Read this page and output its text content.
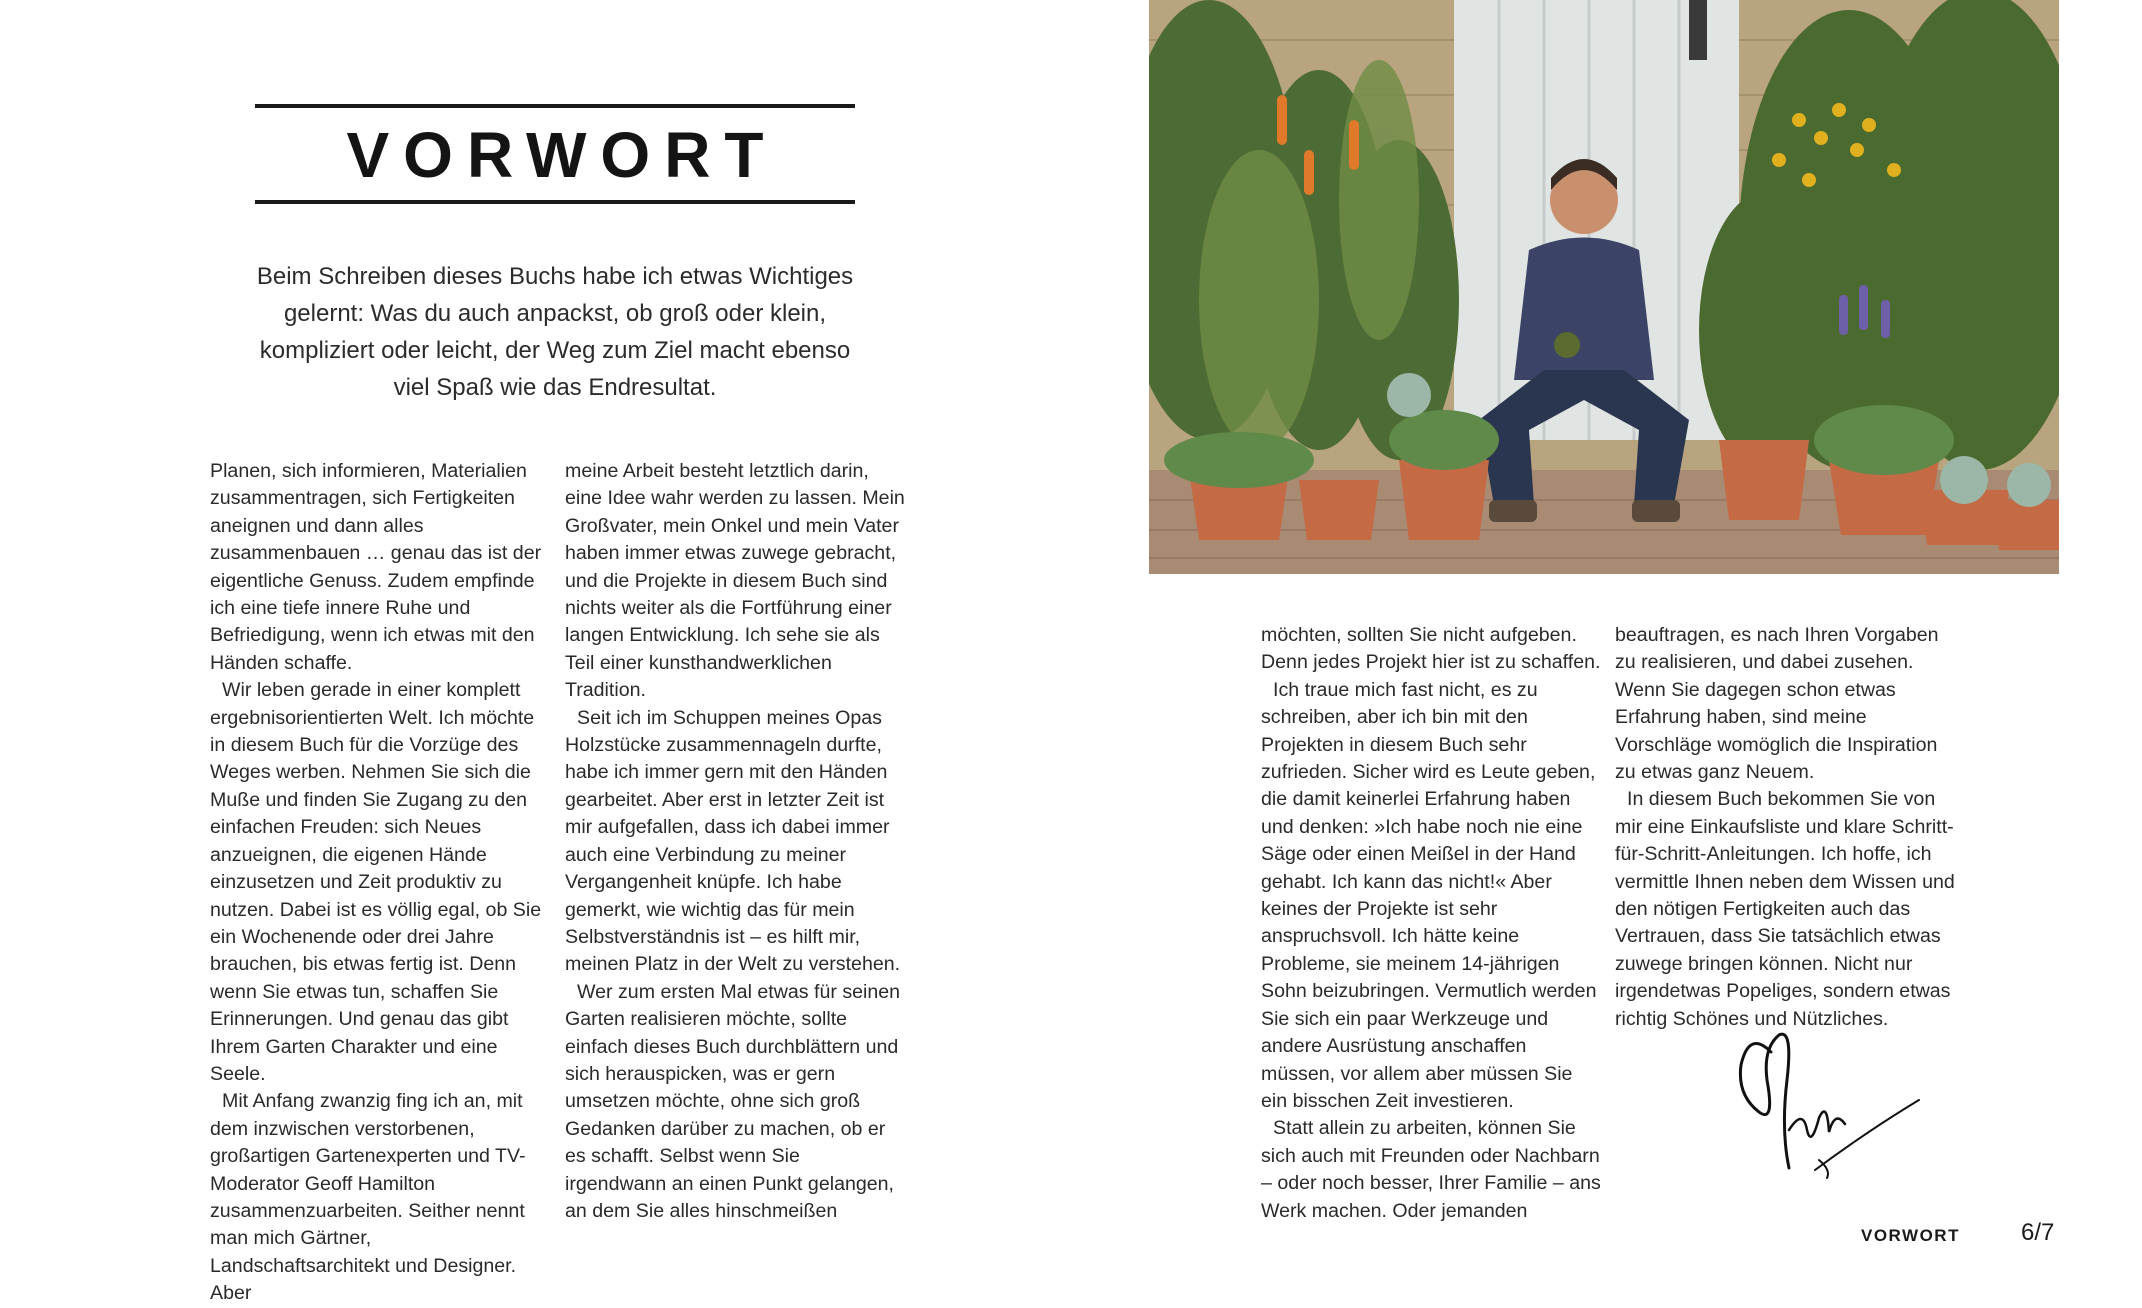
VORWORT

Beim Schreiben dieses Buchs habe ich etwas Wichtiges gelernt: Was du auch anpackst, ob groß oder klein, kompliziert oder leicht, der Weg zum Ziel macht ebenso viel Spaß wie das Endresultat.

Planen, sich informieren, Materialien zusammentragen, sich Fertigkeiten aneignen und dann alles zusammenbauen … genau das ist der eigentliche Genuss. Zudem empfinde ich eine tiefe innere Ruhe und Befriedigung, wenn ich etwas mit den Händen schaffe.

Wir leben gerade in einer komplett ergebnisorientierten Welt. Ich möchte in diesem Buch für die Vorzüge des Weges werben. Nehmen Sie sich die Muße und finden Sie Zugang zu den einfachen Freuden: sich Neues anzueignen, die eigenen Hände einzusetzen und Zeit produktiv zu nutzen. Dabei ist es völlig egal, ob Sie ein Wochenende oder drei Jahre brauchen, bis etwas fertig ist. Denn wenn Sie etwas tun, schaffen Sie Erinnerungen. Und genau das gibt Ihrem Garten Charakter und eine Seele.

Mit Anfang zwanzig fing ich an, mit dem inzwischen verstorbenen, großartigen Gartenexperten und TV-Moderator Geoff Hamilton zusammenzuarbeiten. Seither nennt man mich Gärtner, Landschaftsarchitekt und Designer. Aber

meine Arbeit besteht letztlich darin, eine Idee wahr werden zu lassen. Mein Großvater, mein Onkel und mein Vater haben immer etwas zuwege gebracht, und die Projekte in diesem Buch sind nichts weiter als die Fortführung einer langen Entwicklung. Ich sehe sie als Teil einer kunsthandwerklichen Tradition.

Seit ich im Schuppen meines Opas Holzstücke zusammennageln durfte, habe ich immer gern mit den Händen gearbeitet. Aber erst in letzter Zeit ist mir aufgefallen, dass ich dabei immer auch eine Verbindung zu meiner Vergangenheit knüpfe. Ich habe gemerkt, wie wichtig das für mein Selbstverständnis ist – es hilft mir, meinen Platz in der Welt zu verstehen.

Wer zum ersten Mal etwas für seinen Garten realisieren möchte, sollte einfach dieses Buch durchblättern und sich herauspicken, was er gern umsetzen möchte, ohne sich groß Gedanken darüber zu machen, ob er es schafft. Selbst wenn Sie irgendwann an einen Punkt gelangen, an dem Sie alles hinschmeißen

möchten, sollten Sie nicht aufgeben. Denn jedes Projekt hier ist zu schaffen.

Ich traue mich fast nicht, es zu schreiben, aber ich bin mit den Projekten in diesem Buch sehr zufrieden. Sicher wird es Leute geben, die damit keinerlei Erfahrung haben und denken: »Ich habe noch nie eine Säge oder einen Meißel in der Hand gehabt. Ich kann das nicht!« Aber keines der Projekte ist sehr anspruchsvoll. Ich hätte keine Probleme, sie meinem 14-jährigen Sohn beizubringen. Vermutlich werden Sie sich ein paar Werkzeuge und andere Ausrüstung anschaffen müssen, vor allem aber müssen Sie ein bisschen Zeit investieren.

Statt allein zu arbeiten, können Sie sich auch mit Freunden oder Nachbarn – oder noch besser, Ihrer Familie – ans Werk machen. Oder jemanden

beauftragen, es nach Ihren Vorgaben zu realisieren, und dabei zusehen. Wenn Sie dagegen schon etwas Erfahrung haben, sind meine Vorschläge womöglich die Inspiration zu etwas ganz Neuem.

In diesem Buch bekommen Sie von mir eine Einkaufsliste und klare Schritt-für-Schritt-Anleitungen. Ich hoffe, ich vermittle Ihnen neben dem Wissen und den nötigen Fertigkeiten auch das Vertrauen, dass Sie tatsächlich etwas zuwege bringen können. Nicht nur irgendetwas Popeliges, sondern etwas richtig Schönes und Nützliches.

VORWORT	6/7
